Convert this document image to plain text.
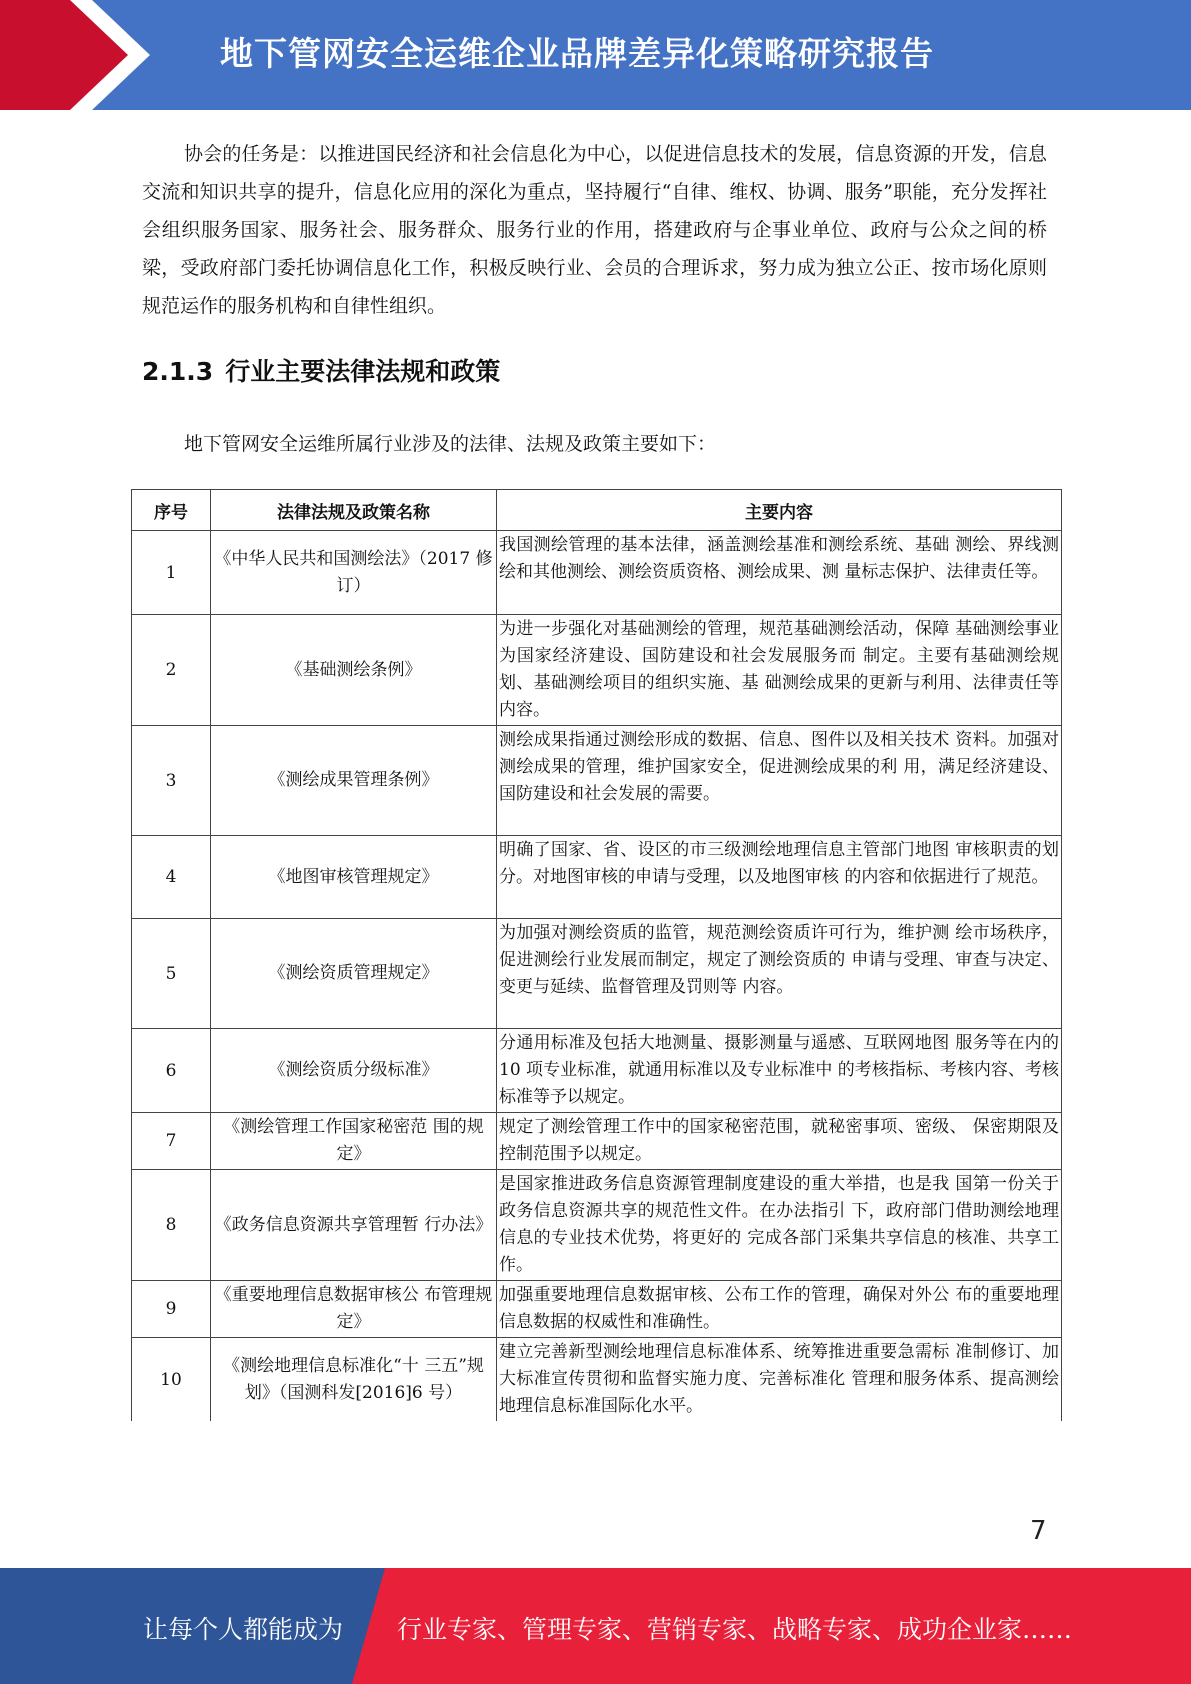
地下管网安全运维企业品牌差异化策略研究报告

协会的任务是：以推进国民经济和社会信息化为中心，以促进信息技术的发展，信息资源的开发，信息交流和知识共享的提升，信息化应用的深化为重点，坚持履行“自律、维权、协调、服务”职能，充分发挥社会组织服务国家、服务社会、服务群众、服务行业的作用，搭建政府与企事业单位、政府与公众之间的桥梁，受政府部门委托协调信息化工作，积极反映行业、会员的合理诉求，努力成为独立公正、按市场化原则规范运作的服务机构和自律性组织。

2.1.3 行业主要法律法规和政策

地下管网安全运维所属行业涉及的法律、法规及政策主要如下：

序号	法律法规及政策名称	主要内容
1	《中华人民共和国测绘法》（2017 修订）	我国测绘管理的基本法律，涵盖测绘基准和测绘系统、基础 测绘、界线测绘和其他测绘、测绘资质资格、测绘成果、测 量标志保护、法律责任等。
2	《基础测绘条例》	为进一步强化对基础测绘的管理，规范基础测绘活动，保障 基础测绘事业为国家经济建设、国防建设和社会发展服务而 制定。主要有基础测绘规划、基础测绘项目的组织实施、基 础测绘成果的更新与利用、法律责任等内容。
3	《测绘成果管理条例》	测绘成果指通过测绘形成的数据、信息、图件以及相关技术 资料。加强对测绘成果的管理，维护国家安全，促进测绘成果的利 用，满足经济建设、国防建设和社会发展的需要。
4	《地图审核管理规定》	明确了国家、省、设区的市三级测绘地理信息主管部门地图 审核职责的划分。对地图审核的申请与受理，以及地图审核 的内容和依据进行了规范。
5	《测绘资质管理规定》	为加强对测绘资质的监管，规范测绘资质许可行为，维护测 绘市场秩序，促进测绘行业发展而制定，规定了测绘资质的 申请与受理、审查与决定、变更与延续、监督管理及罚则等 内容。
6	《测绘资质分级标准》	分通用标准及包括大地测量、摄影测量与遥感、互联网地图 服务等在内的 10 项专业标准，就通用标准以及专业标准中 的考核指标、考核内容、考核标准等予以规定。
7	《测绘管理工作国家秘密范 围的规定》	规定了测绘管理工作中的国家秘密范围，就秘密事项、密级、 保密期限及控制范围予以规定。
8	《政务信息资源共享管理暂 行办法》	是国家推进政务信息资源管理制度建设的重大举措，也是我 国第一份关于政务信息资源共享的规范性文件。在办法指引 下，政府部门借助测绘地理信息的专业技术优势，将更好的 完成各部门采集共享信息的核准、共享工作。
9	《重要地理信息数据审核公 布管理规定》	加强重要地理信息数据审核、公布工作的管理，确保对外公 布的重要地理信息数据的权威性和准确性。
10	《测绘地理信息标准化“十 三五”规划》（国测科发[2016]6 号）	建立完善新型测绘地理信息标准体系、统筹推进重要急需标 准制修订、加大标准宣传贯彻和监督实施力度、完善标准化 管理和服务体系、提高测绘地理信息标准国际化水平。
7
让每个人都能成为 行业专家、管理专家、营销专家、战略专家、成功企业家……
